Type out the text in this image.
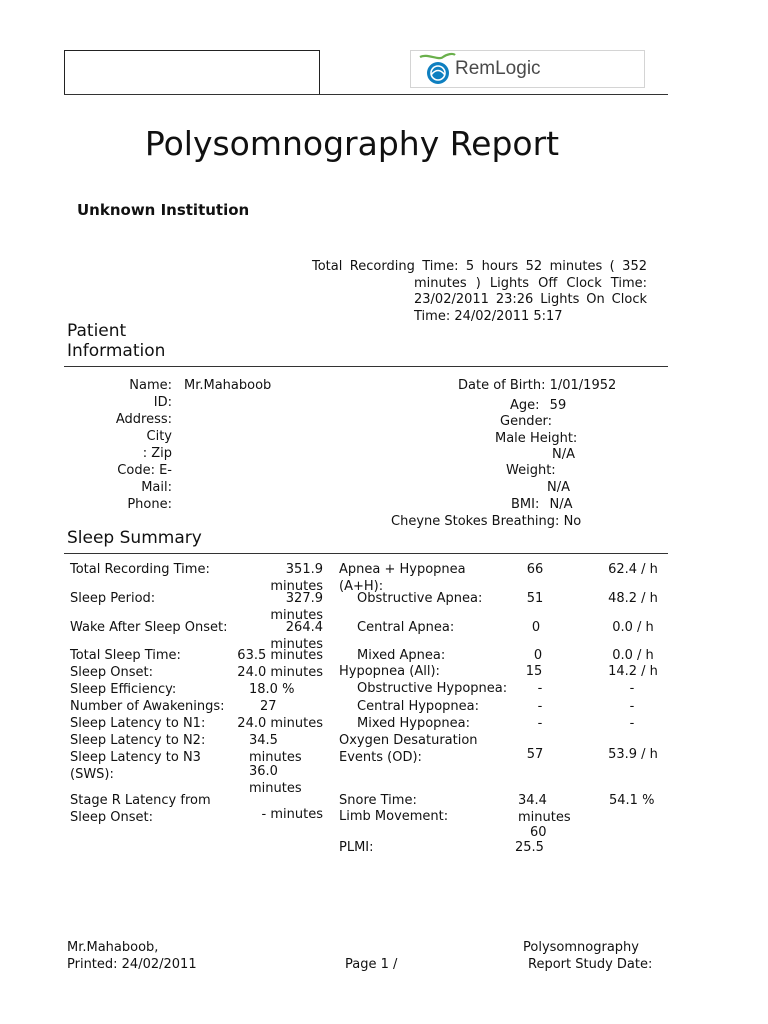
RemLogic
Polysomnography Report
Unknown Institution
Total Recording Time: 5 hours 52 minutes ( 352
minutes ) Lights Off Clock Time:
23/02/2011 23:26 Lights On Clock
Time: 24/02/2011 5:17
Patient
Information
Name:
ID:
Address:
City
: Zip
Code: E-
Mail:
Phone:
Mr.Mahaboob	Date of Birth: 1/01/1952
Age: 59
Gender:
Male Height:
N/A
Weight:
N/A
BMI: N/A
Cheyne Stokes Breathing: No
Sleep Summary
Total Recording Time:
Sleep Period:
Wake After Sleep Onset:
Total Sleep Time:
Sleep Onset:
Sleep Efficiency:
Number of Awakenings:
Sleep Latency to N1:
Sleep Latency to N2:
Sleep Latency to N3
(SWS):
Stage R Latency from
Sleep Onset:
351.9
minutes
327.9
minutes
264.4
minutes
63.5 minutes
24.0 minutes
18.0 %
27
24.0 minutes
34.5
minutes
36.0
minutes
- minutes
Apnea + Hypopnea
(A+H):
Obstructive Apnea:
Central Apnea:
Mixed Apnea:
Hypopnea (All):
Obstructive Hypopnea:
Central Hypopnea:
Mixed Hypopnea:
Oxygen Desaturation
Events (OD):
Snore Time:
Limb Movement:
PLMI:
66
51
0
0
15
-
-
-
57
34.4
minutes
60
25.5
62.4 / h
48.2 / h
0.0 / h
0.0 / h
14.2 / h
-
-
-
53.9 / h
54.1 %
Mr.Mahaboob,
Printed: 24/02/2011	Page 1 /
Polysomnography
Report Study Date:
